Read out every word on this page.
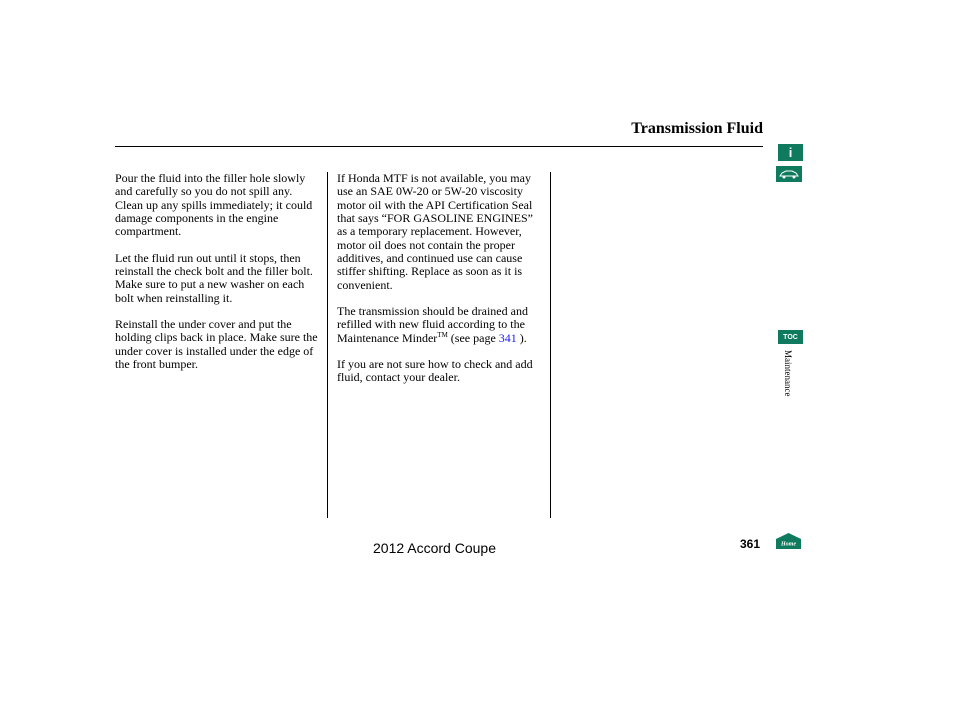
Transmission Fluid

Pour the fluid into the filler hole slowly and carefully so you do not spill any. Clean up any spills immediately; it could damage components in the engine compartment.

Let the fluid run out until it stops, then reinstall the check bolt and the filler bolt.

Make sure to put a new washer on each bolt when reinstalling it.

Reinstall the under cover and put the holding clips back in place. Make sure the under cover is installed under the edge of the front bumper.

If Honda MTF is not available, you may use an SAE 0W-20 or 5W-20 viscosity motor oil with the API Certification Seal that says “FOR GASOLINE ENGINES” as a temporary replacement. However, motor oil does not contain the proper additives, and continued use can cause stiffer shifting. Replace as soon as it is convenient.

The transmission should be drained and refilled with new fluid according to the Maintenance Minder™ (see page 341 ).

If you are not sure how to check and add fluid, contact your dealer.

i
TOC
Maintenance
2012 Accord Coupe	361	Home
